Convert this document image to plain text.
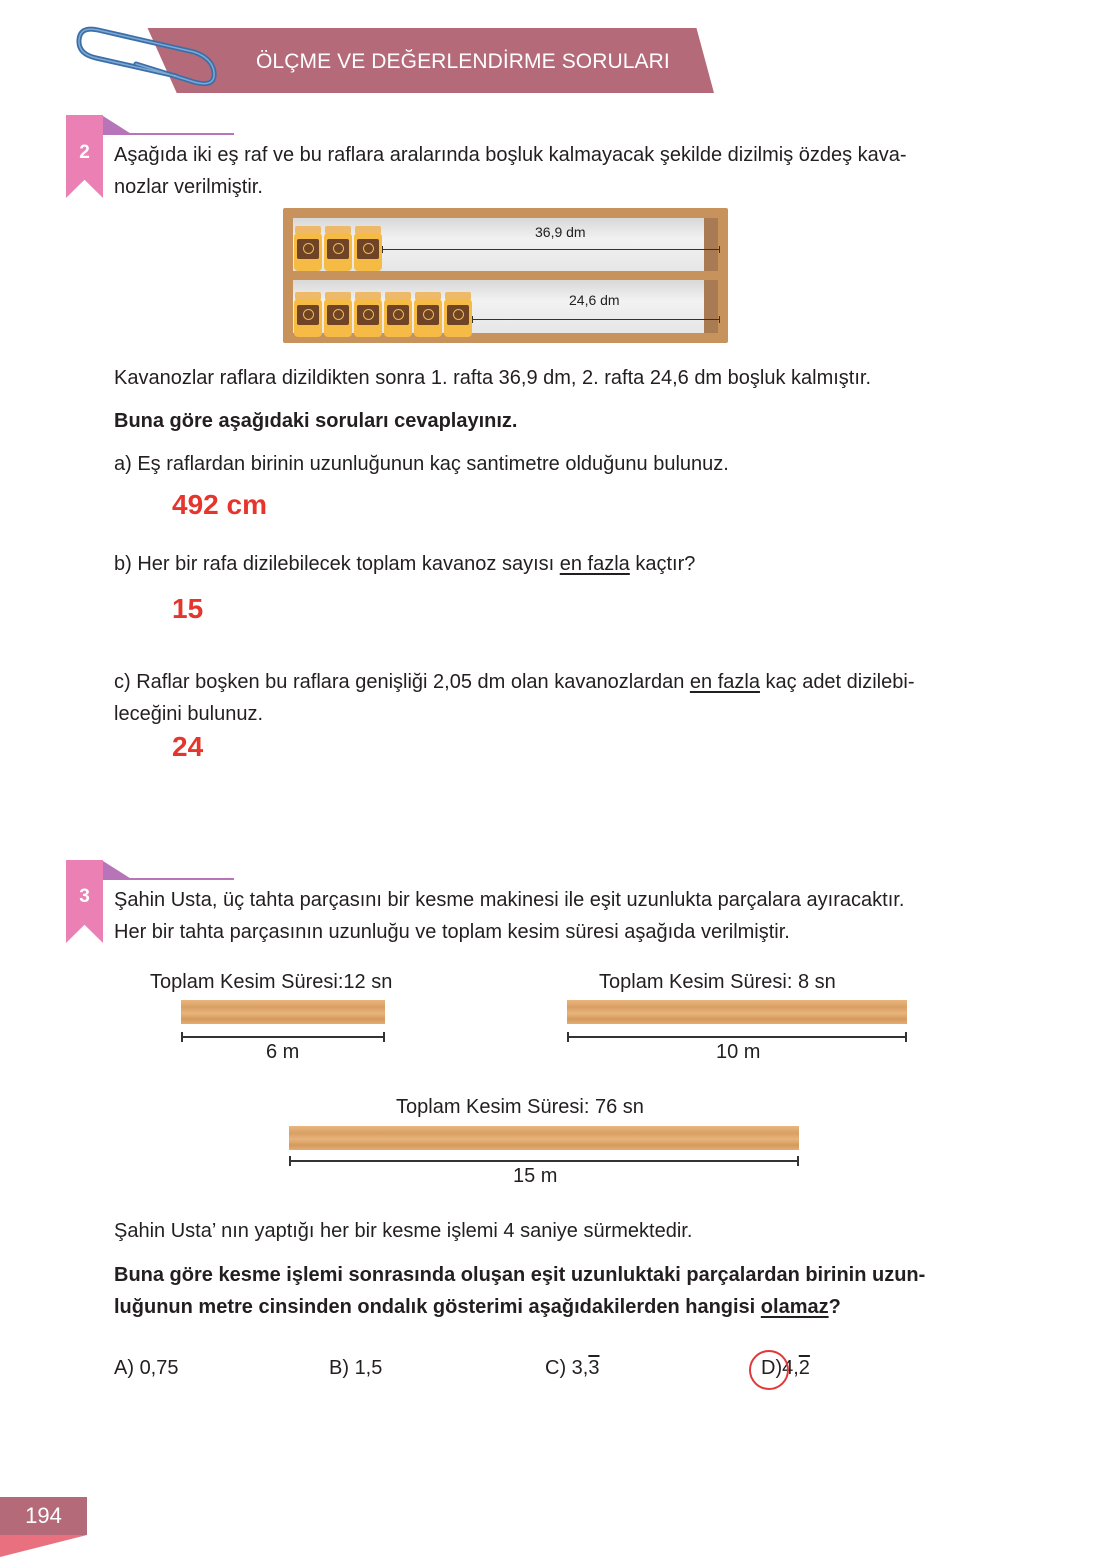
ÖLÇME VE DEĞERLENDİRME SORULARI
2	Aşağıda iki eş raf ve bu raflara aralarında boşluk kalmayacak şekilde dizilmiş özdeş kava-
nozlar verilmiştir.
36,9 dm
24,6 dm
Kavanozlar raflara dizildikten sonra 1. rafta 36,9 dm, 2. rafta 24,6 dm boşluk kalmıştır.
Buna göre aşağıdaki soruları cevaplayınız.
a) Eş raflardan birinin uzunluğunun kaç santimetre olduğunu bulunuz.
492 cm
b) Her bir rafa dizilebilecek toplam kavanoz sayısı en fazla kaçtır?
15
c) Raflar boşken bu raflara genişliği 2,05 dm olan kavanozlardan en fazla kaç adet dizilebi-
leceğini bulunuz.
24
3	Şahin Usta, üç tahta parçasını bir kesme makinesi ile eşit uzunlukta parçalara ayıracaktır.
Her bir tahta parçasının uzunluğu ve toplam kesim süresi aşağıda verilmiştir.
Toplam Kesim Süresi:12 sn
6 m
Toplam Kesim Süresi: 8 sn
10 m
Toplam Kesim Süresi: 76 sn
15 m
Şahin Usta’ nın yaptığı her bir kesme işlemi 4 saniye sürmektedir.
Buna göre kesme işlemi sonrasında oluşan eşit uzunluktaki parçalardan birinin uzun-
luğunun metre cinsinden ondalık gösterimi aşağıdakilerden hangisi olamaz?
A) 0,75	B) 1,5	C) 3,3	D)4,2
194
